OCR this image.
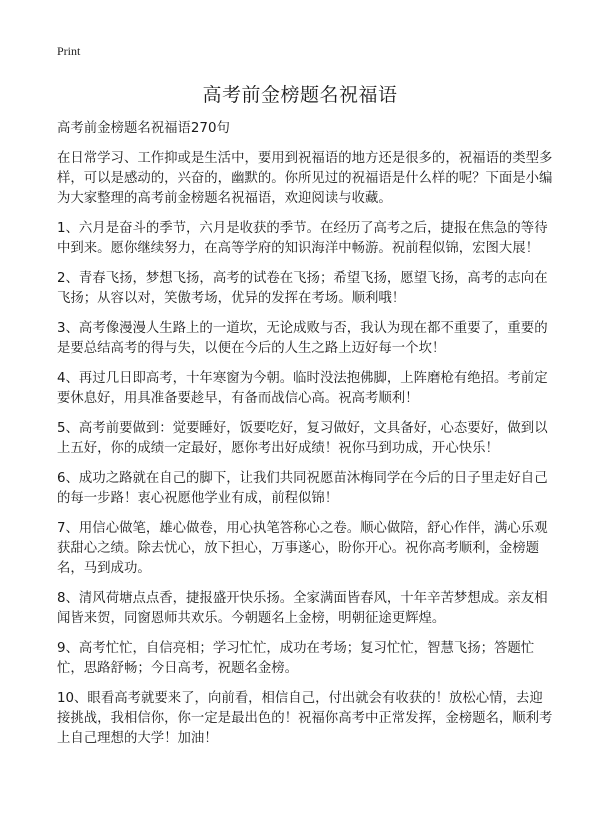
Print
高考前金榜题名祝福语

高考前金榜题名祝福语270句

在日常学习、工作抑或是生活中，要用到祝福语的地方还是很多的，祝福语的类型多样，可以是感动的，兴奋的，幽默的。你所见过的祝福语是什么样的呢？下面是小编为大家整理的高考前金榜题名祝福语，欢迎阅读与收藏。

1、六月是奋斗的季节，六月是收获的季节。在经历了高考之后，捷报在焦急的等待中到来。愿你继续努力，在高等学府的知识海洋中畅游。祝前程似锦，宏图大展！

2、青春飞扬，梦想飞扬，高考的试卷在飞扬；希望飞扬，愿望飞扬，高考的志向在飞扬；从容以对，笑傲考场，优异的发挥在考场。顺利哦！

3、高考像漫漫人生路上的一道坎，无论成败与否，我认为现在都不重要了，重要的是要总结高考的得与失，以便在今后的人生之路上迈好每一个坎！

4、再过几日即高考，十年寒窗为今朝。临时没法抱佛脚，上阵磨枪有绝招。考前定要休息好，用具准备要趁早，有备而战信心高。祝高考顺利！

5、高考前要做到：觉要睡好，饭要吃好，复习做好，文具备好，心态要好，做到以上五好，你的成绩一定最好，愿你考出好成绩！祝你马到功成，开心快乐！

6、成功之路就在自己的脚下，让我们共同祝愿苗沐梅同学在今后的日子里走好自己的每一步路！衷心祝愿他学业有成，前程似锦！

7、用信心做笔，雄心做卷，用心执笔答称心之卷。顺心做陪，舒心作伴，满心乐观获甜心之绩。除去忧心，放下担心，万事遂心，盼你开心。祝你高考顺利，金榜题名，马到成功。

8、清风荷塘点点香，捷报盛开快乐扬。全家满面皆春风，十年辛苦梦想成。亲友相闻皆来贺，同窗恩师共欢乐。今朝题名上金榜，明朝征途更辉煌。

9、高考忙忙，自信亮相；学习忙忙，成功在考场；复习忙忙，智慧飞扬；答题忙忙，思路舒畅；今日高考，祝题名金榜。

10、眼看高考就要来了，向前看，相信自己，付出就会有收获的！放松心情，去迎接挑战，我相信你，你一定是最出色的！祝福你高考中正常发挥，金榜题名，顺利考上自己理想的大学！加油！
